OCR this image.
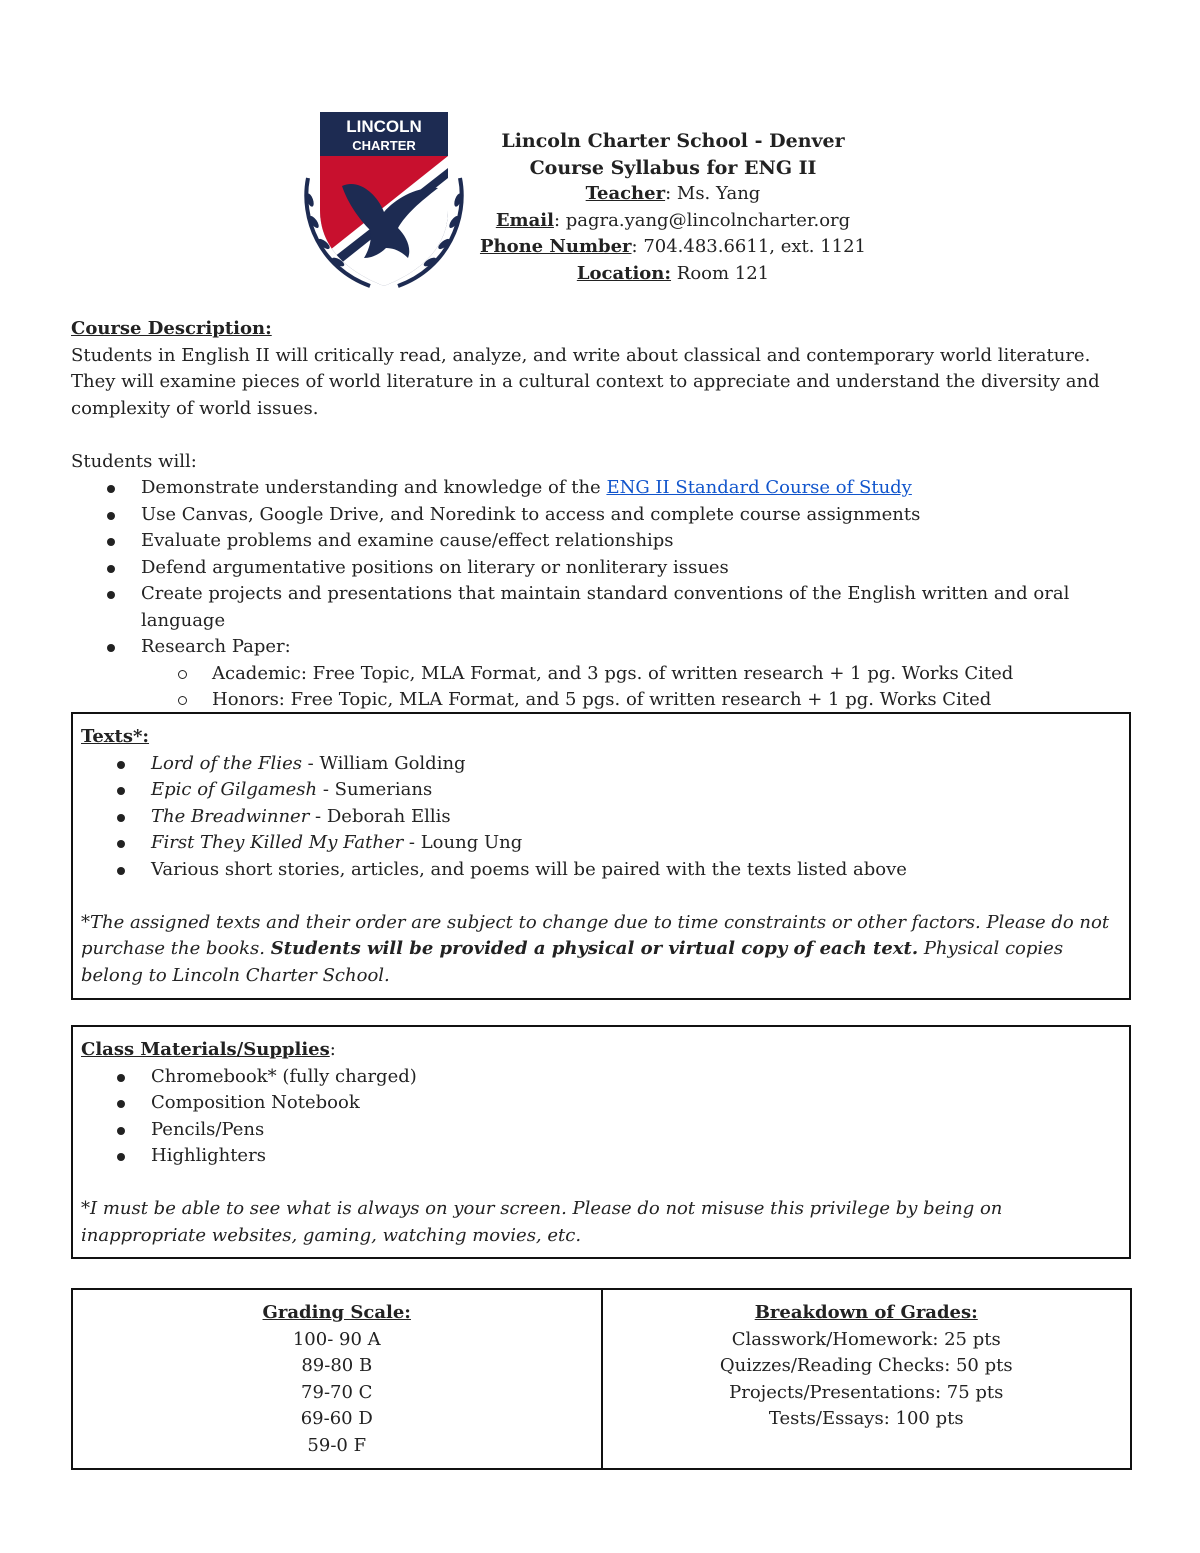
LINCOLN
CHARTER
EST
1998
Lincoln Charter School - Denver
Course Syllabus for ENG II
Teacher: Ms. Yang
Email: pagra.yang@lincolncharter.org
Phone Number: 704.483.6611, ext. 1121
Location: Room 121

Course Description:

Students in English II will critically read, analyze, and write about classical and contemporary world literature. They will examine pieces of world literature in a cultural context to appreciate and understand the diversity and complexity of world issues.

Students will:

Demonstrate understanding and knowledge of the ENG II Standard Course of Study
Use Canvas, Google Drive, and Noredink to access and complete course assignments
Evaluate problems and examine cause/effect relationships
Defend argumentative positions on literary or nonliterary issues
Create projects and presentations that maintain standard conventions of the English written and oral language
Research Paper:
Academic: Free Topic, MLA Format, and 3 pgs. of written research + 1 pg. Works Cited
Honors: Free Topic, MLA Format, and 5 pgs. of written research + 1 pg. Works Cited
Texts*:
Lord of the Flies - William Golding
Epic of Gilgamesh - Sumerians
The Breadwinner - Deborah Ellis
First They Killed My Father - Loung Ung
Various short stories, articles, and poems will be paired with the texts listed above

*The assigned texts and their order are subject to change due to time constraints or other factors. Please do not purchase the books. Students will be provided a physical or virtual copy of each text. Physical copies belong to Lincoln Charter School.

Class Materials/Supplies:
Chromebook* (fully charged)
Composition Notebook
Pencils/Pens
Highlighters

*I must be able to see what is always on your screen. Please do not misuse this privilege by being on inappropriate websites, gaming, watching movies, etc.

Grading Scale:
100- 90 A
89-80 B
79-70 C
69-60 D
59-0 F
Breakdown of Grades:
Classwork/Homework: 25 pts
Quizzes/Reading Checks: 50 pts
Projects/Presentations: 75 pts
Tests/Essays: 100 pts
